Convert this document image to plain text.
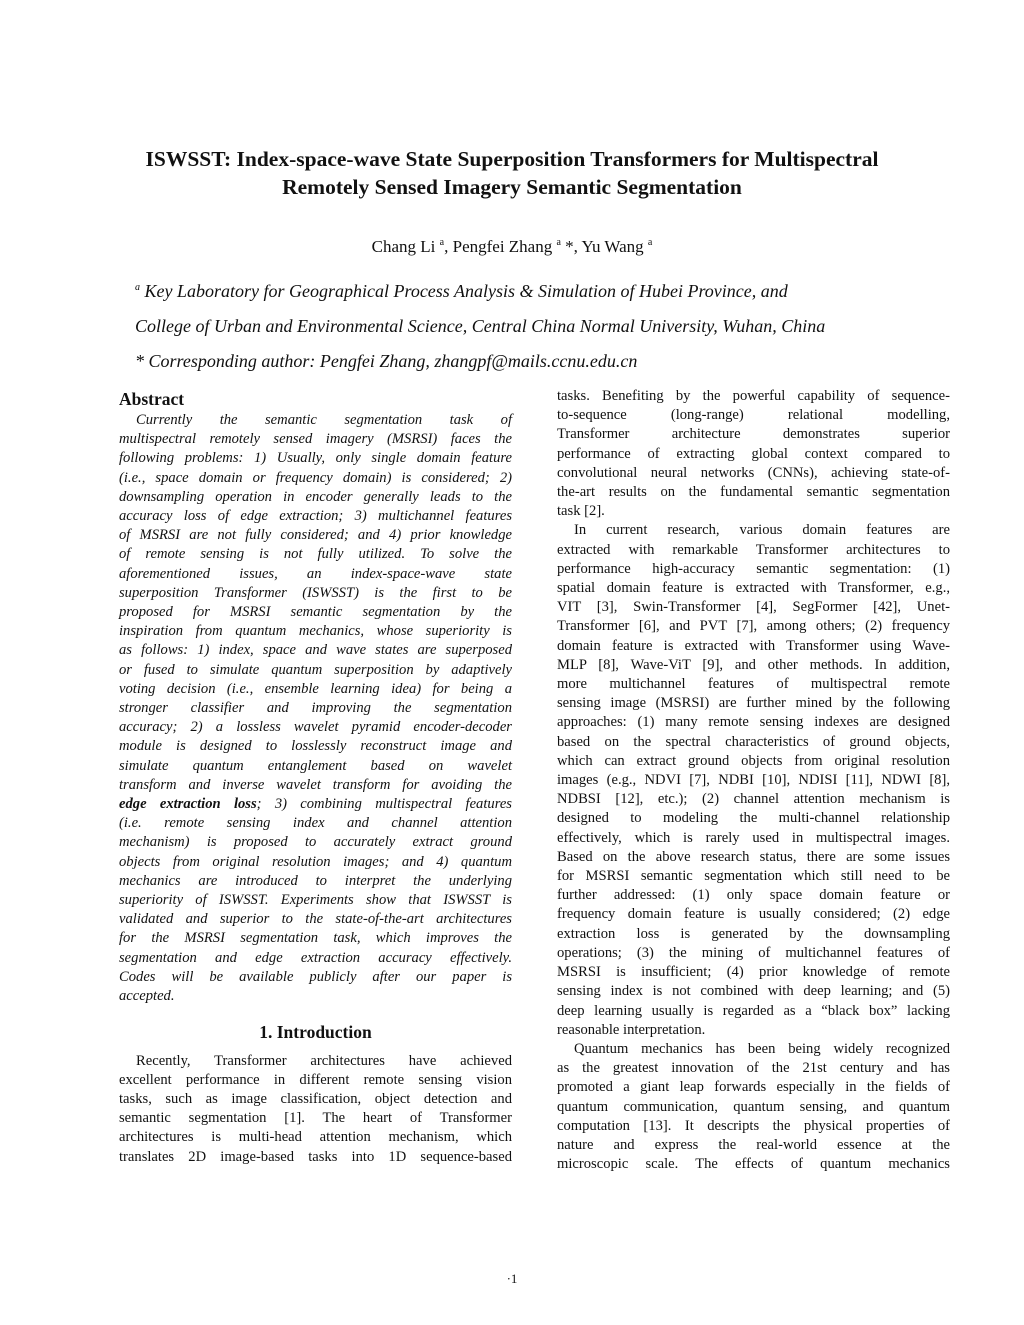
ISWSST: Index-space-wave State Superposition Transformers for Multispectral
Remotely Sensed Imagery Semantic Segmentation
Chang Li $^a$, Pengfei Zhang $^a$ *, Yu Wang $^a$
$^a$ Key Laboratory for Geographical Process Analysis & Simulation of Hubei Province, and
College of Urban and Environmental Science, Central China Normal University, Wuhan, China
* Corresponding author: Pengfei Zhang, zhangpf@mails.ccnu.edu.cn
Abstract
Currently the semantic segmentation task of
multispectral remotely sensed imagery (MSRSI) faces the
following problems: 1) Usually, only single domain feature
(i.e., space domain or frequency domain) is considered; 2)
downsampling operation in encoder generally leads to the
accuracy loss of edge extraction; 3) multichannel features
of MSRSI are not fully considered; and 4) prior knowledge
of remote sensing is not fully utilized. To solve the
aforementioned issues, an index-space-wave state
superposition Transformer (ISWSST) is the first to be
proposed for MSRSI semantic segmentation by the
inspiration from quantum mechanics, whose superiority is
as follows: 1) index, space and wave states are superposed
or fused to simulate quantum superposition by adaptively
voting decision (i.e., ensemble learning idea) for being a
stronger classifier and improving the segmentation
accuracy; 2) a lossless wavelet pyramid encoder-decoder
module is designed to losslessly reconstruct image and
simulate quantum entanglement based on wavelet
transform and inverse wavelet transform for avoiding the
edge extraction loss; 3) combining multispectral features
(i.e. remote sensing index and channel attention
mechanism) is proposed to accurately extract ground
objects from original resolution images; and 4) quantum
mechanics are introduced to interpret the underlying
superiority of ISWSST. Experiments show that ISWSST is
validated and superior to the state-of-the-art architectures
for the MSRSI segmentation task, which improves the
segmentation and edge extraction accuracy effectively.
Codes will be available publicly after our paper is
accepted.
1. Introduction
Recently, Transformer architectures have achieved
excellent performance in different remote sensing vision
tasks, such as image classification, object detection and
semantic segmentation [1]. The heart of Transformer
architectures is multi-head attention mechanism, which
translates 2D image-based tasks into 1D sequence-based
tasks. Benefiting by the powerful capability of sequence-
to-sequence (long-range) relational modelling,
Transformer architecture demonstrates superior
performance of extracting global context compared to
convolutional neural networks (CNNs), achieving state-of-
the-art results on the fundamental semantic segmentation
task [2].
In current research, various domain features are
extracted with remarkable Transformer architectures to
performance high-accuracy semantic segmentation: (1)
spatial domain feature is extracted with Transformer, e.g.,
VIT [3], Swin-Transformer [4], SegFormer [42], Unet-
Transformer [6], and PVT [7], among others; (2) frequency
domain feature is extracted with Transformer using Wave-
MLP [8], Wave-ViT [9], and other methods. In addition,
more multichannel features of multispectral remote
sensing image (MSRSI) are further mined by the following
approaches: (1) many remote sensing indexes are designed
based on the spectral characteristics of ground objects,
which can extract ground objects from original resolution
images (e.g., NDVI [7], NDBI [10], NDISI [11], NDWI [8],
NDBSI [12], etc.); (2) channel attention mechanism is
designed to modeling the multi-channel relationship
effectively, which is rarely used in multispectral images.
Based on the above research status, there are some issues
for MSRSI semantic segmentation which still need to be
further addressed: (1) only space domain feature or
frequency domain feature is usually considered; (2) edge
extraction loss is generated by the downsampling
operations; (3) the mining of multichannel features of
MSRSI is insufficient; (4) prior knowledge of remote
sensing index is not combined with deep learning; and (5)
deep learning usually is regarded as a “black box” lacking
reasonable interpretation.
Quantum mechanics has been being widely recognized
as the greatest innovation of the 21st century and has
promoted a giant leap forwards especially in the fields of
quantum communication, quantum sensing, and quantum
computation [13]. It descripts the physical properties of
nature and express the real-world essence at the
microscopic scale. The effects of quantum mechanics
·1
